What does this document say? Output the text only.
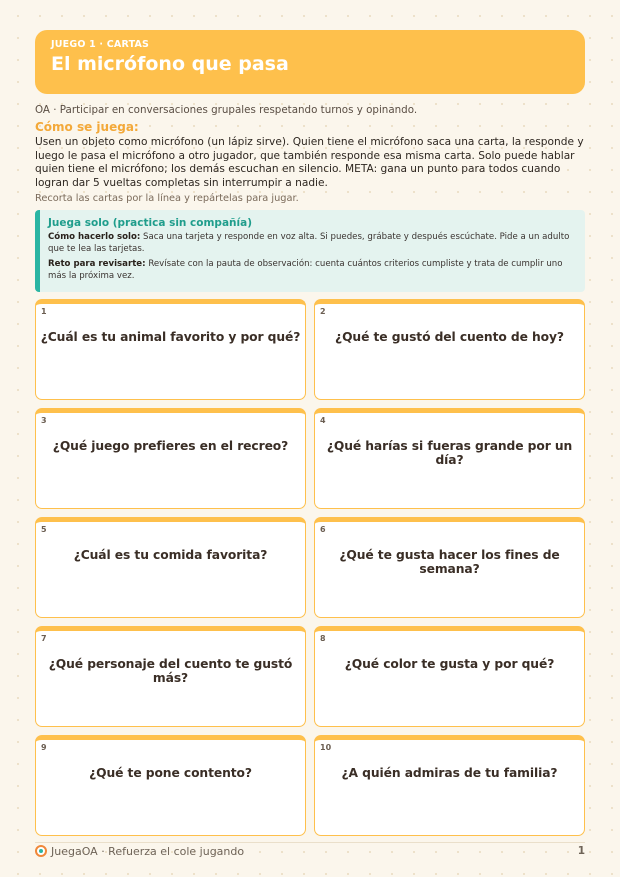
JUEGO 1 · CARTAS
El micrófono que pasa
OA · Participar en conversaciones grupales respetando turnos y opinando.
Cómo se juega:
Usen un objeto como micrófono (un lápiz sirve). Quien tiene el micrófono saca una carta, la responde y luego le pasa el micrófono a otro jugador, que también responde esa misma carta. Solo puede hablar quien tiene el micrófono; los demás escuchan en silencio. META: gana un punto para todos cuando logran dar 5 vueltas completas sin interrumpir a nadie.
Recorta las cartas por la línea y repártelas para jugar.
Juega solo (practica sin compañía)

Cómo hacerlo solo: Saca una tarjeta y responde en voz alta. Si puedes, grábate y después escúchate. Pide a un adulto que te lea las tarjetas.

Reto para revisarte: Revísate con la pauta de observación: cuenta cuántos criterios cumpliste y trata de cumplir uno más la próxima vez.

1
¿Cuál es tu animal favorito y por qué?
2
¿Qué te gustó del cuento de hoy?
3
¿Qué juego prefieres en el recreo?
4
¿Qué harías si fueras grande por un día?
5
¿Cuál es tu comida favorita?
6
¿Qué te gusta hacer los fines de semana?
7
¿Qué personaje del cuento te gustó más?
8
¿Qué color te gusta y por qué?
9
¿Qué te pone contento?
10
¿A quién admiras de tu familia?
JuegaOA · Refuerza el cole jugando	1
